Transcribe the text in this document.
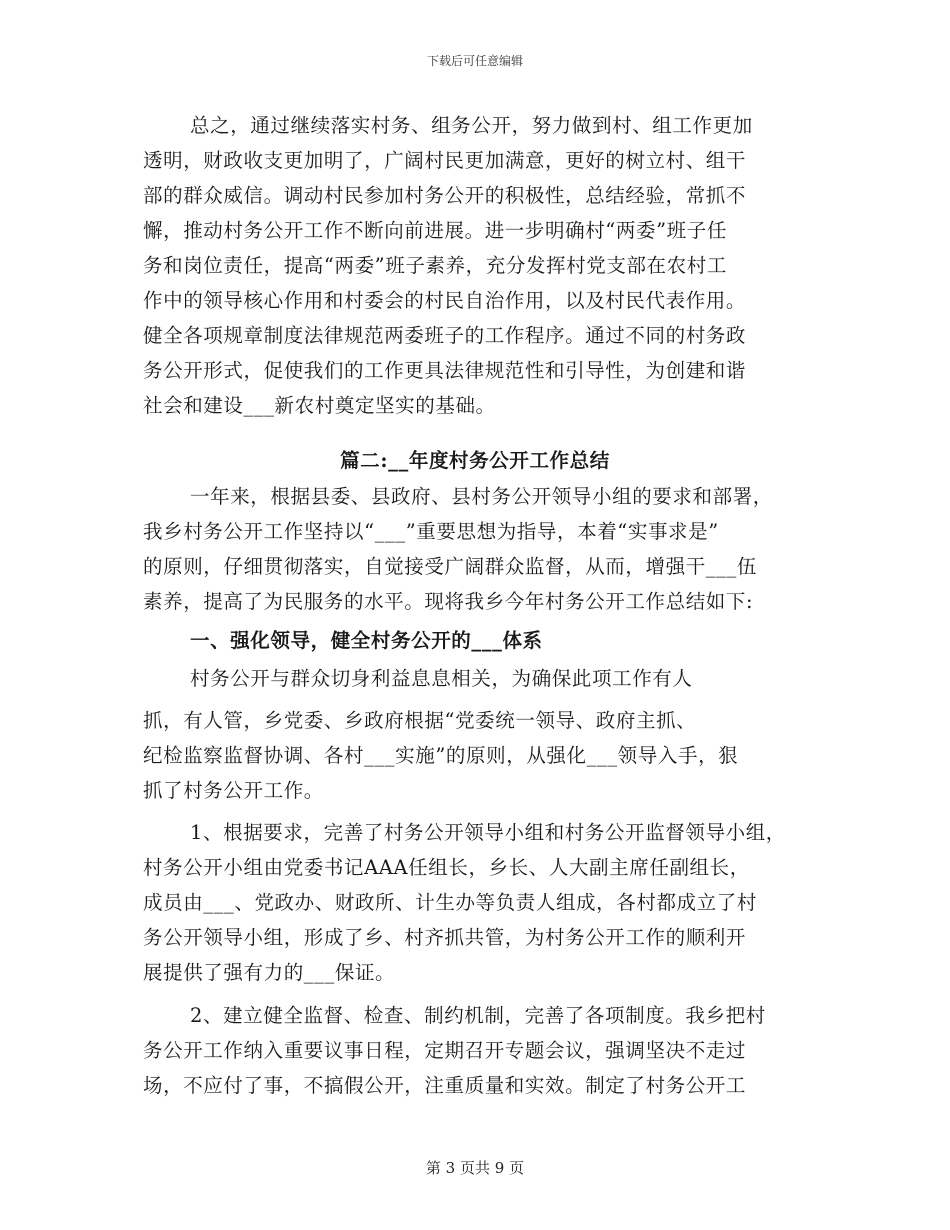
下载后可任意编辑
总之，通过继续落实村务、组务公开，努力做到村、组工作更加
透明，财政收支更加明了，广阔村民更加满意，更好的树立村、组干
部的群众威信。调动村民参加村务公开的积极性，总结经验，常抓不
懈，推动村务公开工作不断向前进展。进一步明确村“两委”班子任
务和岗位责任，提高“两委”班子素养，充分发挥村党支部在农村工
作中的领导核心作用和村委会的村民自治作用，以及村民代表作用。
健全各项规章制度法律规范两委班子的工作程序。通过不同的村务政
务公开形式，促使我们的工作更具法律规范性和引导性，为创建和谐
社会和建设___新农村奠定坚实的基础。
篇二:__年度村务公开工作总结
一年来，根据县委、县政府、县村务公开领导小组的要求和部署，
我乡村务公开工作坚持以“___”重要思想为指导，本着“实事求是”
的原则，仔细贯彻落实，自觉接受广阔群众监督，从而，增强干___伍
素养，提高了为民服务的水平。现将我乡今年村务公开工作总结如下:
一、强化领导，健全村务公开的___体系
村务公开与群众切身利益息息相关，为确保此项工作有人
抓，有人管，乡党委、乡政府根据“党委统一领导、政府主抓、
纪检监察监督协调、各村___实施”的原则，从强化___领导入手，狠
抓了村务公开工作。
1、根据要求，完善了村务公开领导小组和村务公开监督领导小组，
村务公开小组由党委书记AAA任组长，乡长、人大副主席任副组长，
成员由___、党政办、财政所、计生办等负责人组成，各村都成立了村
务公开领导小组，形成了乡、村齐抓共管，为村务公开工作的顺利开
展提供了强有力的___保证。
2、建立健全监督、检查、制约机制，完善了各项制度。我乡把村
务公开工作纳入重要议事日程，定期召开专题会议，强调坚决不走过
场，不应付了事，不搞假公开，注重质量和实效。制定了村务公开工
第 3 页共 9 页
